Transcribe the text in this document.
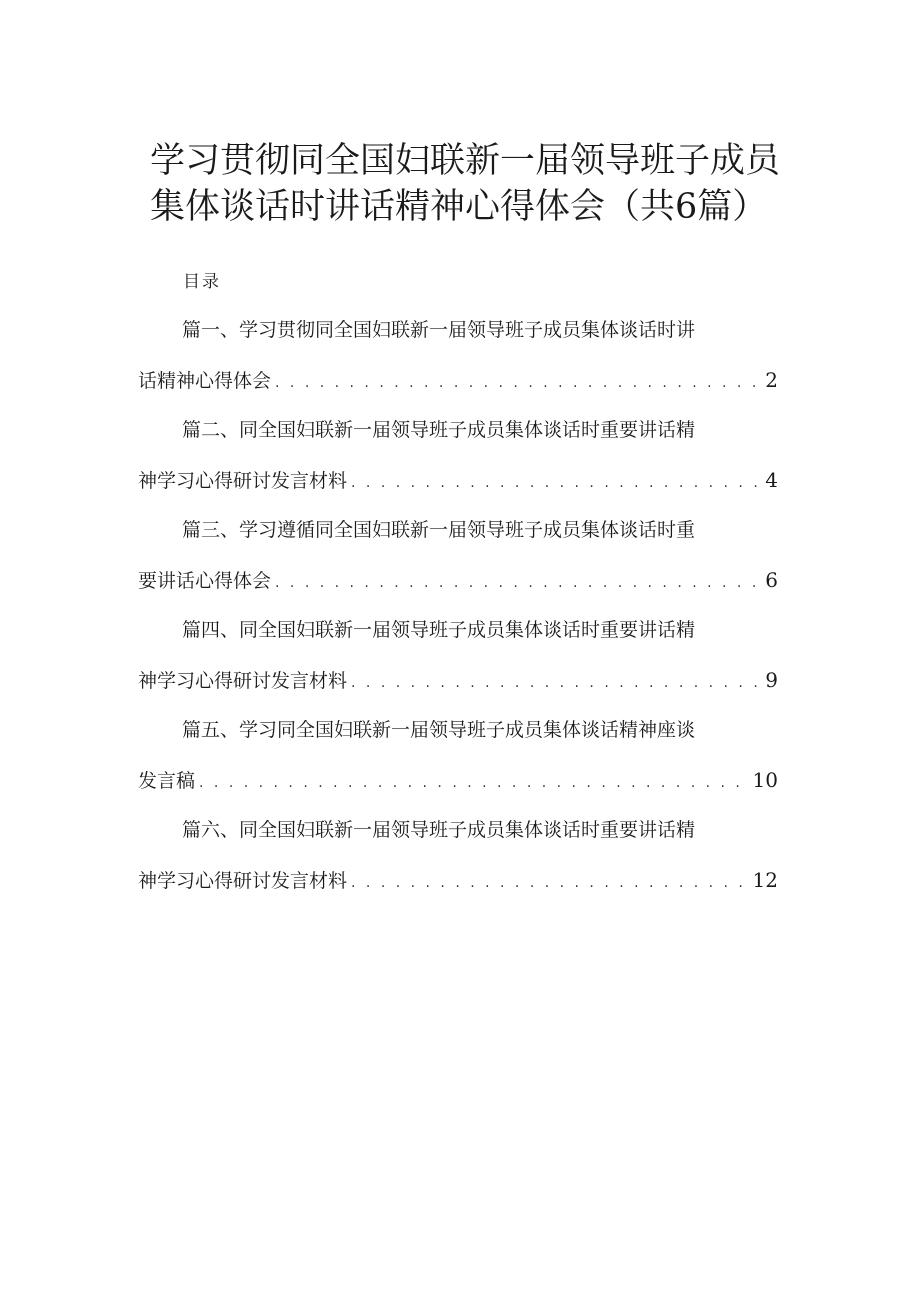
学习贯彻同全国妇联新一届领导班子成员
集体谈话时讲话精神心得体会（共6篇）
目录
篇一、学习贯彻同全国妇联新一届领导班子成员集体谈话时讲
话精神心得体会 . . .	2
篇二、同全国妇联新一届领导班子成员集体谈话时重要讲话精
神学习心得研讨发言材料 . . .	4
篇三、学习遵循同全国妇联新一届领导班子成员集体谈话时重
要讲话心得体会 . . .	6
篇四、同全国妇联新一届领导班子成员集体谈话时重要讲话精
神学习心得研讨发言材料 . . .	9
篇五、学习同全国妇联新一届领导班子成员集体谈话精神座谈
发言稿 . . .	10
篇六、同全国妇联新一届领导班子成员集体谈话时重要讲话精
神学习心得研讨发言材料 . . .	12
